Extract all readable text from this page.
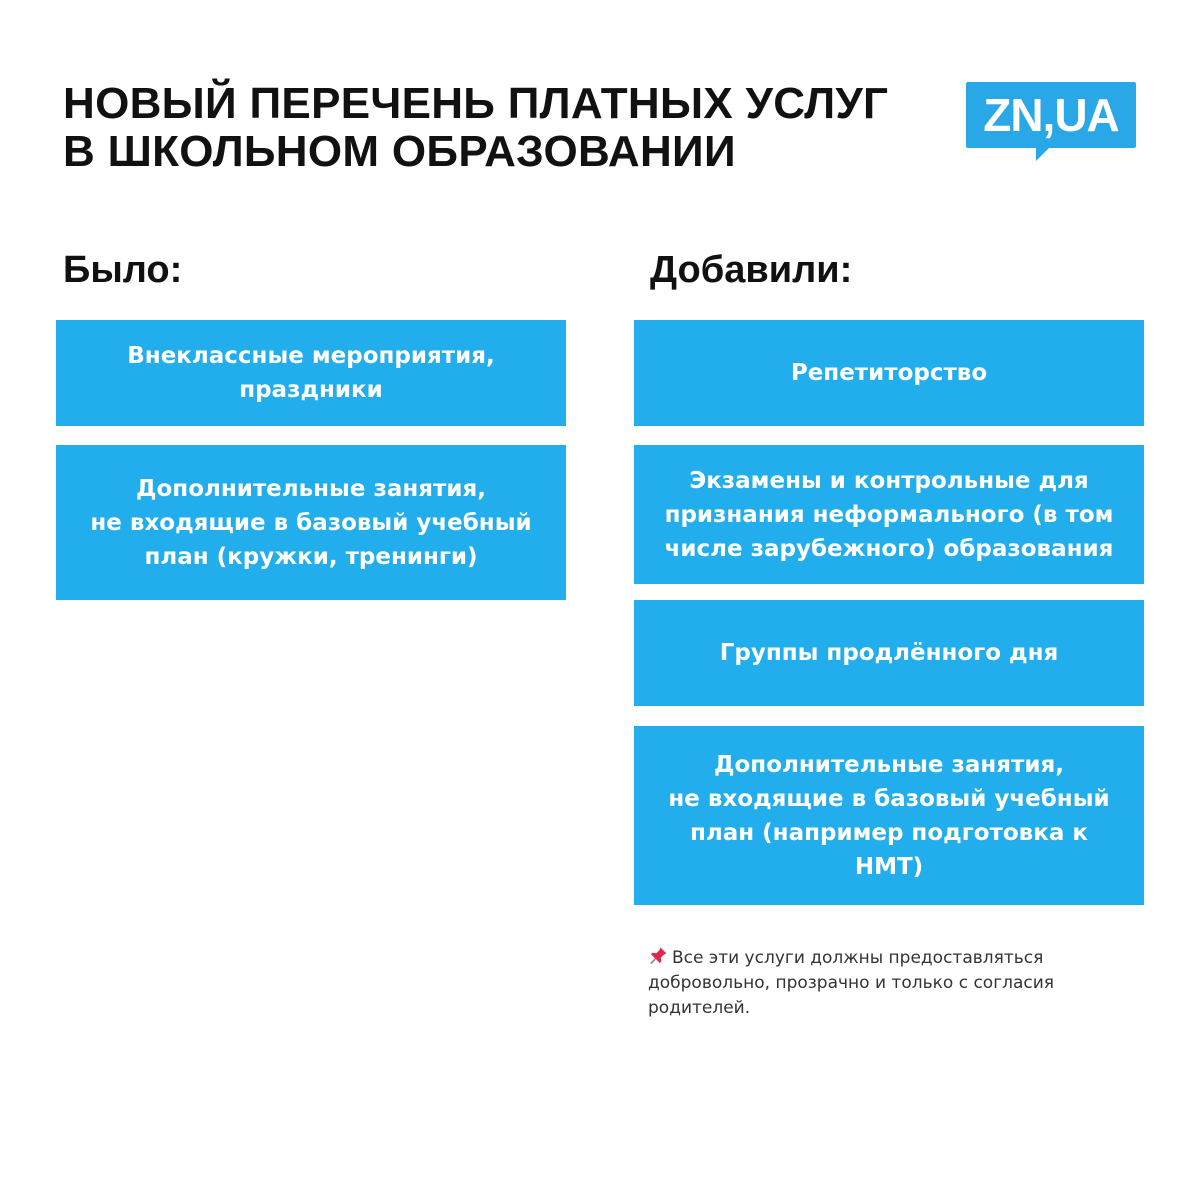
НОВЫЙ ПЕРЕЧЕНЬ ПЛАТНЫХ УСЛУГ
В ШКОЛЬНОМ ОБРАЗОВАНИИ
ZN,UA
Было:	Добавили:
Внеклассные мероприятия,
праздники
Дополнительные занятия,
не входящие в базовый учебный
план (кружки, тренинги)
Репетиторство
Экзамены и контрольные для
признания неформального (в том
числе зарубежного) образования
Группы продлённого дня
Дополнительные занятия,
не входящие в базовый учебный
план (например подготовка к
НМТ)

Все эти услуги должны предоставляться добровольно, прозрачно и только с согласия родителей.
